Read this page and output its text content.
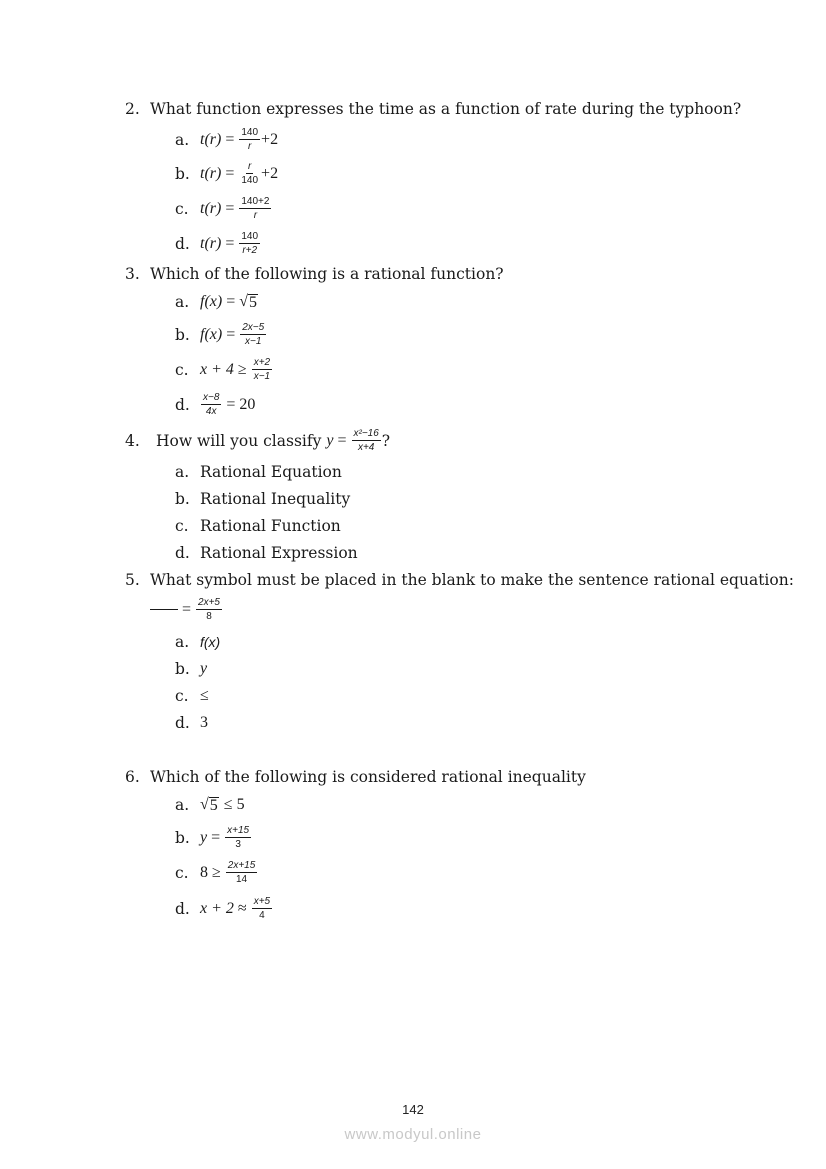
2. What function expresses the time as a function of rate during the typhoon?
a. $t(r) = \frac{140}{r} +2$
b. $t(r) = \frac{r}{140} +2$
c. $t(r) = \frac{140+2}{r}$
d. $t(r) = \frac{140}{r+2}$
3. Which of the following is a rational function?
a. f(x) = √ 5
b. $f(x) = \frac{2x-5}{x-1}$
c. $x + 4 \ge \frac{x+2}{x-1}$
d.	$\frac{x-8}{4x} = 20$
4.	How will you classify $y = \frac{\text{x²−16}}{x+4}$ ?
a. Rational Equation
b. Rational Inequality
c. Rational Function
d. Rational Expression
5. What symbol must be placed in the blank to make the sentence rational equation:
= $\frac{2x+5}{8}$
a. f(x)
b. y
c. ≤
d. 3
6. Which of the following is considered rational inequality
a. √ 5 ≤ 5
b. $y = \frac{x+15}{3}$
c. $8 \ge \frac{2x+15}{14}$
d. $x + 2 \approx \frac{x+5}{4}$
142
www.modyul.online
